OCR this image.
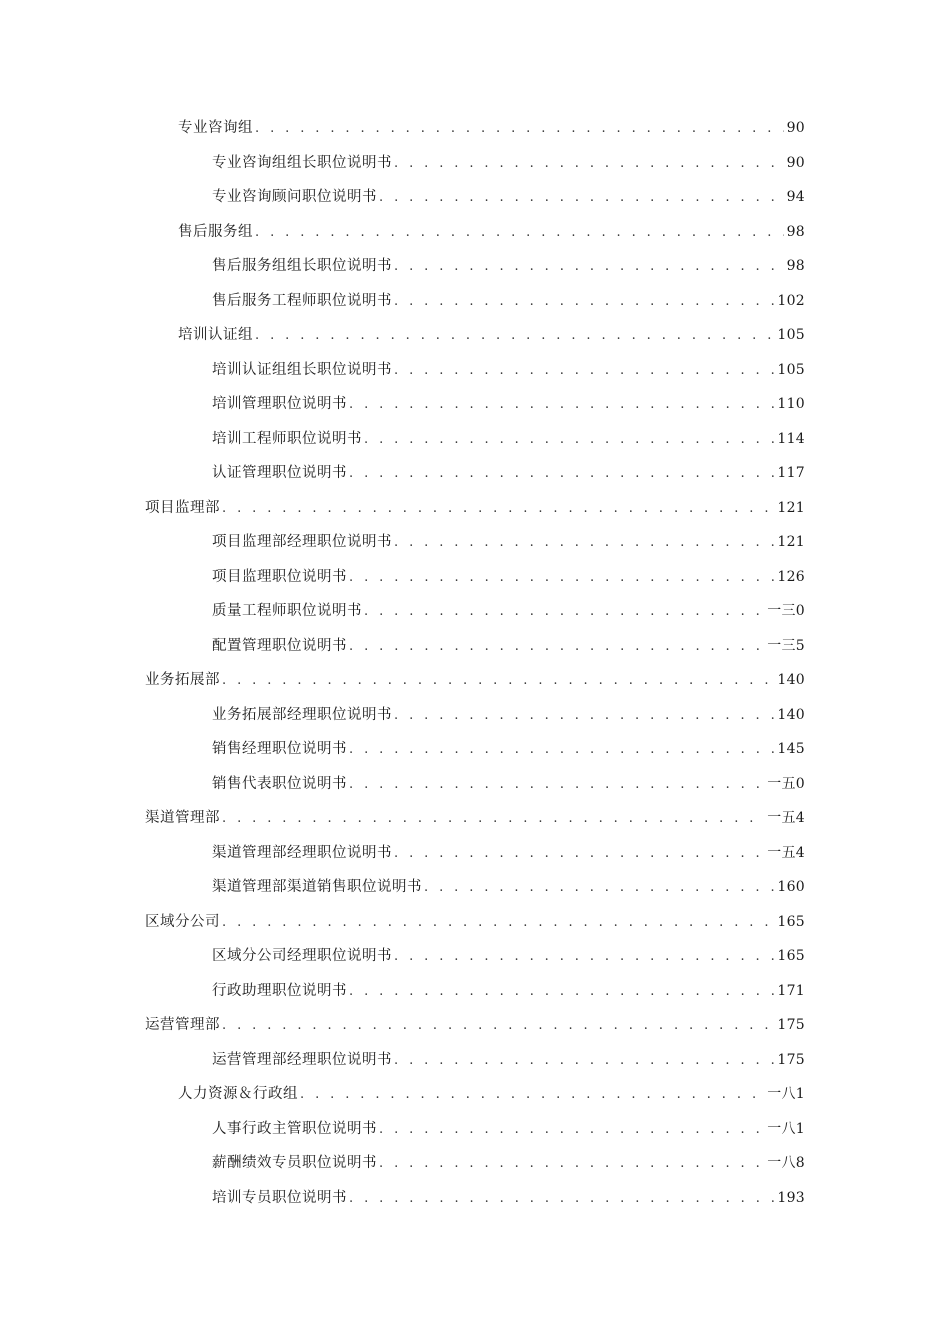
专业咨询组 . . .	90
专业咨询组组长职位说明书 . . .	90
专业咨询顾问职位说明书 . . .	94
售后服务组 . . .	98
售后服务组组长职位说明书 . . .	98
售后服务工程师职位说明书 . . .	102
培训认证组 . . .	105
培训认证组组长职位说明书 . . .	105
培训管理职位说明书 . . .	110
培训工程师职位说明书 . . .	114
认证管理职位说明书 . . .	117
项目监理部 . . .	121
项目监理部经理职位说明书 . . .	121
项目监理职位说明书 . . .	126
质量工程师职位说明书 . . .	一三0
配置管理职位说明书 . . .	一三5
业务拓展部 . . .	140
业务拓展部经理职位说明书 . . .	140
销售经理职位说明书 . . .	145
销售代表职位说明书 . . .	一五0
渠道管理部 . . .	一五4
渠道管理部经理职位说明书 . . .	一五4
渠道管理部渠道销售职位说明书 . . .	160
区域分公司 . . .	165
区域分公司经理职位说明书 . . .	165
行政助理职位说明书 . . .	171
运营管理部 . . .	175
运营管理部经理职位说明书 . . .	175
人力资源＆行政组 . . .	一八1
人事行政主管职位说明书 . . .	一八1
薪酬绩效专员职位说明书 . . .	一八8
培训专员职位说明书 . . .	193
